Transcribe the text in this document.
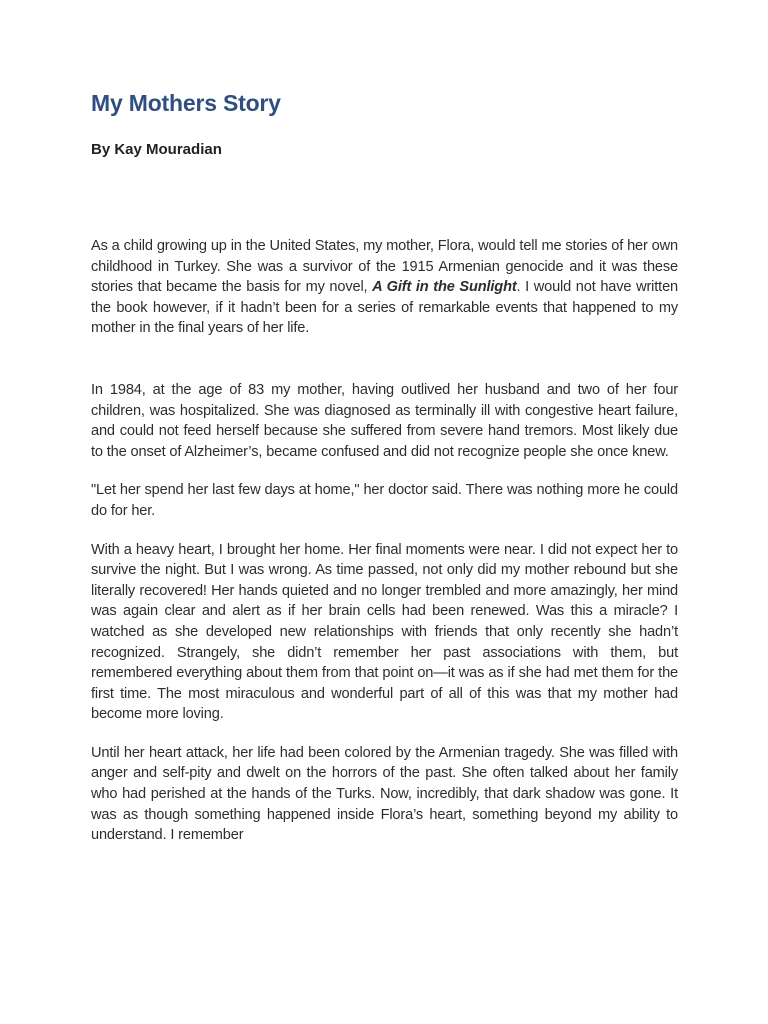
My Mothers Story

By Kay Mouradian

As a child growing up in the United States, my mother, Flora, would tell me stories of her own childhood in Turkey. She was a survivor of the 1915 Armenian genocide and it was these stories that became the basis for my novel, A Gift in the Sunlight. I would not have written the book however, if it hadn’t been for a series of remarkable events that happened to my mother in the final years of her life.

In 1984, at the age of 83 my mother, having outlived her husband and two of her four children, was hospitalized. She was diagnosed as terminally ill with congestive heart failure, and could not feed herself because she suffered from severe hand tremors. Most likely due to the onset of Alzheimer’s, became confused and did not recognize people she once knew.

"Let her spend her last few days at home," her doctor said. There was nothing more he could do for her.

With a heavy heart, I brought her home. Her final moments were near. I did not expect her to survive the night. But I was wrong. As time passed, not only did my mother rebound but she literally recovered! Her hands quieted and no longer trembled and more amazingly, her mind was again clear and alert as if her brain cells had been renewed. Was this a miracle? I watched as she developed new relationships with friends that only recently she hadn’t recognized. Strangely, she didn’t remember her past associations with them, but remembered everything about them from that point on—it was as if she had met them for the first time. The most miraculous and wonderful part of all of this was that my mother had become more loving.

Until her heart attack, her life had been colored by the Armenian tragedy. She was filled with anger and self-pity and dwelt on the horrors of the past. She often talked about her family who had perished at the hands of the Turks. Now, incredibly, that dark shadow was gone. It was as though something happened inside Flora’s heart, something beyond my ability to understand. I remember
